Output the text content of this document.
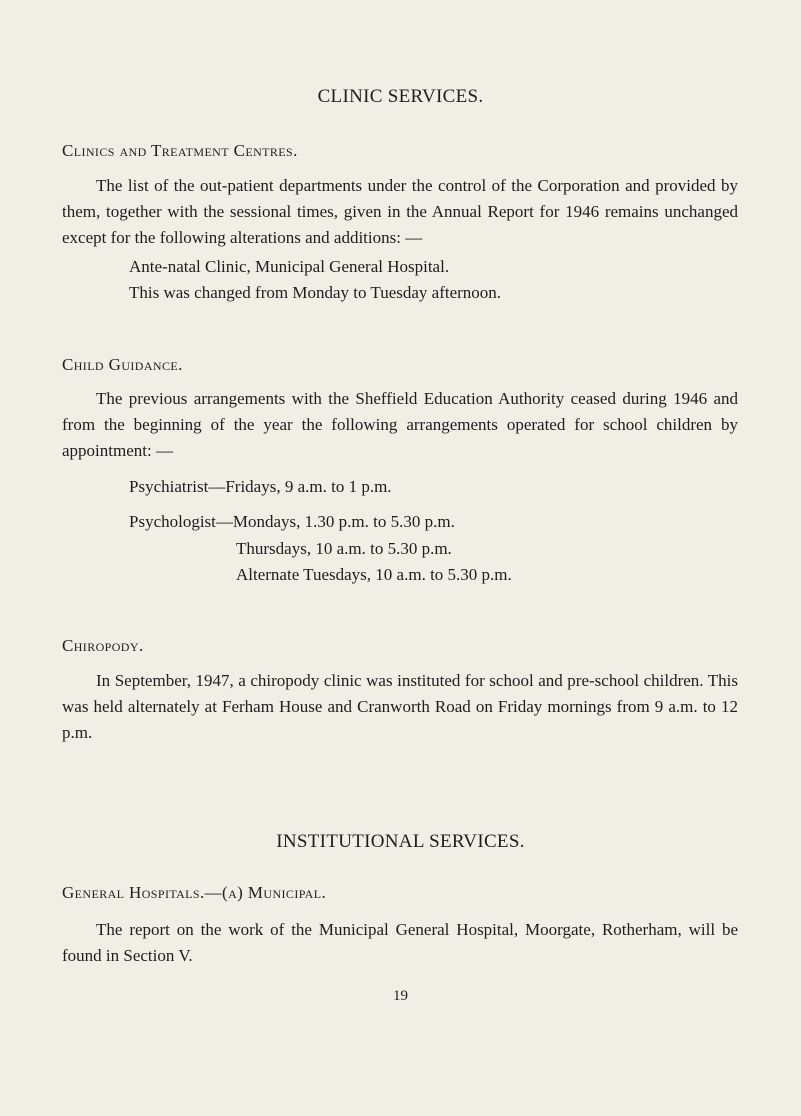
CLINIC SERVICES.
Clinics and Treatment Centres.
The list of the out-patient departments under the control of the Corporation and provided by them, together with the sessional times, given in the Annual Report for 1946 remains unchanged except for the following alterations and additions: —
Ante-natal Clinic, Municipal General Hospital.
This was changed from Monday to Tuesday afternoon.
Child Guidance.
The previous arrangements with the Sheffield Education Authority ceased during 1946 and from the beginning of the year the following arrangements operated for school children by appointment: —
Psychiatrist—Fridays, 9 a.m. to 1 p.m.
Psychologist—Mondays, 1.30 p.m. to 5.30 p.m.
Thursdays, 10 a.m. to 5.30 p.m.
Alternate Tuesdays, 10 a.m. to 5.30 p.m.
Chiropody.
In September, 1947, a chiropody clinic was instituted for school and pre-school children. This was held alternately at Ferham House and Cranworth Road on Friday mornings from 9 a.m. to 12 p.m.
INSTITUTIONAL SERVICES.
General Hospitals.—(a) Municipal.
The report on the work of the Municipal General Hospital, Moorgate, Rotherham, will be found in Section V.
19
